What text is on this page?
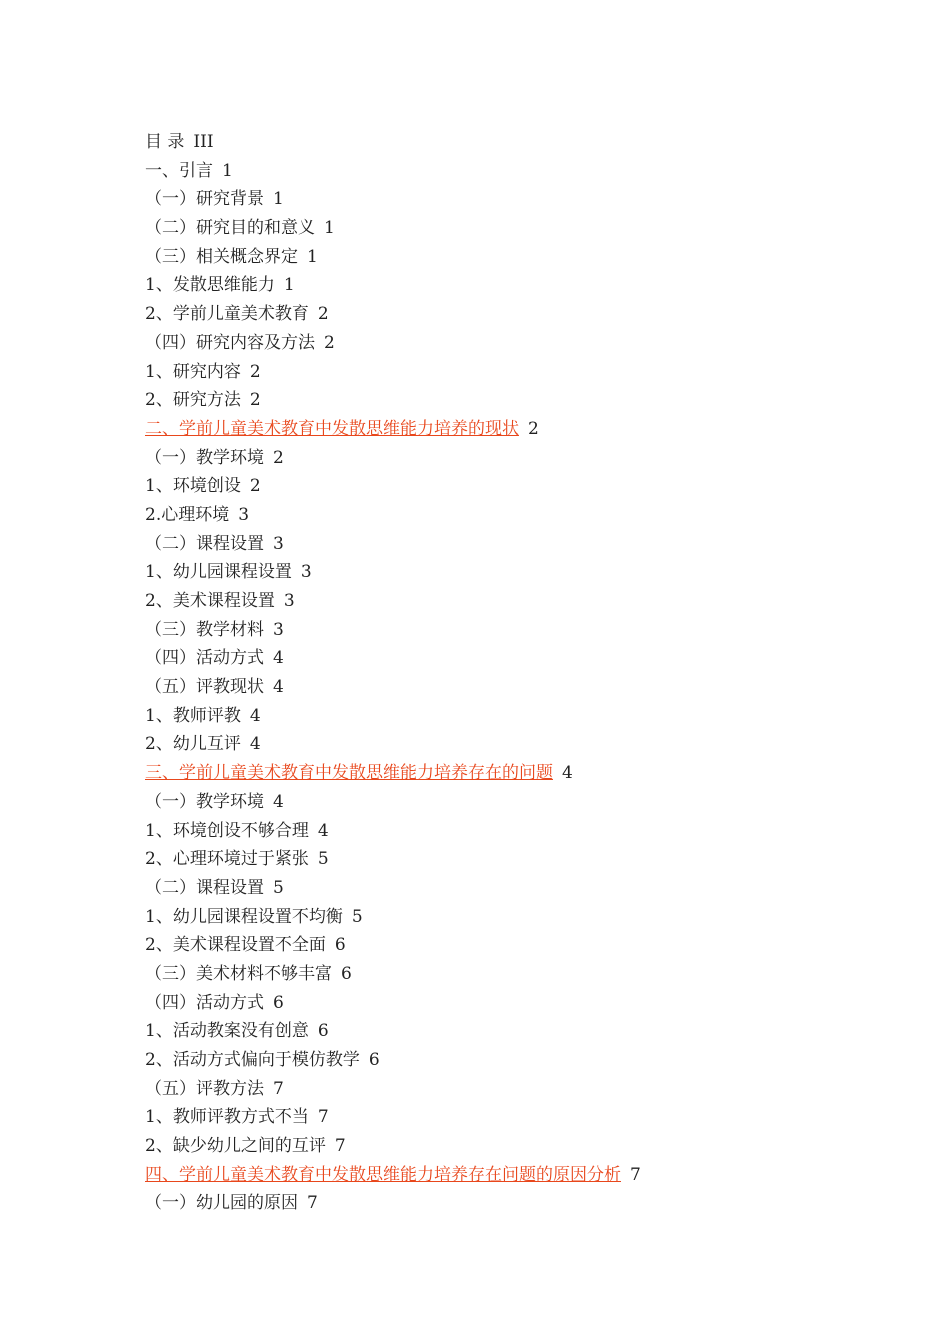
目 录 III
一、引言 1
（一）研究背景 1
（二）研究目的和意义 1
（三）相关概念界定 1
1、发散思维能力 1
2、学前儿童美术教育 2
（四）研究内容及方法 2
1、研究内容 2
2、研究方法 2
二、学前儿童美术教育中发散思维能力培养的现状 2
（一）教学环境 2
1、环境创设 2
2.心理环境 3
（二）课程设置 3
1、幼儿园课程设置 3
2、美术课程设置 3
（三）教学材料 3
（四）活动方式 4
（五）评教现状 4
1、教师评教 4
2、幼儿互评 4
三、学前儿童美术教育中发散思维能力培养存在的问题 4
（一）教学环境 4
1、环境创设不够合理 4
2、心理环境过于紧张 5
（二）课程设置 5
1、幼儿园课程设置不均衡 5
2、美术课程设置不全面 6
（三）美术材料不够丰富 6
（四）活动方式 6
1、活动教案没有创意 6
2、活动方式偏向于模仿教学 6
（五）评教方法 7
1、教师评教方式不当 7
2、缺少幼儿之间的互评 7
四、学前儿童美术教育中发散思维能力培养存在问题的原因分析 7
（一）幼儿园的原因 7
